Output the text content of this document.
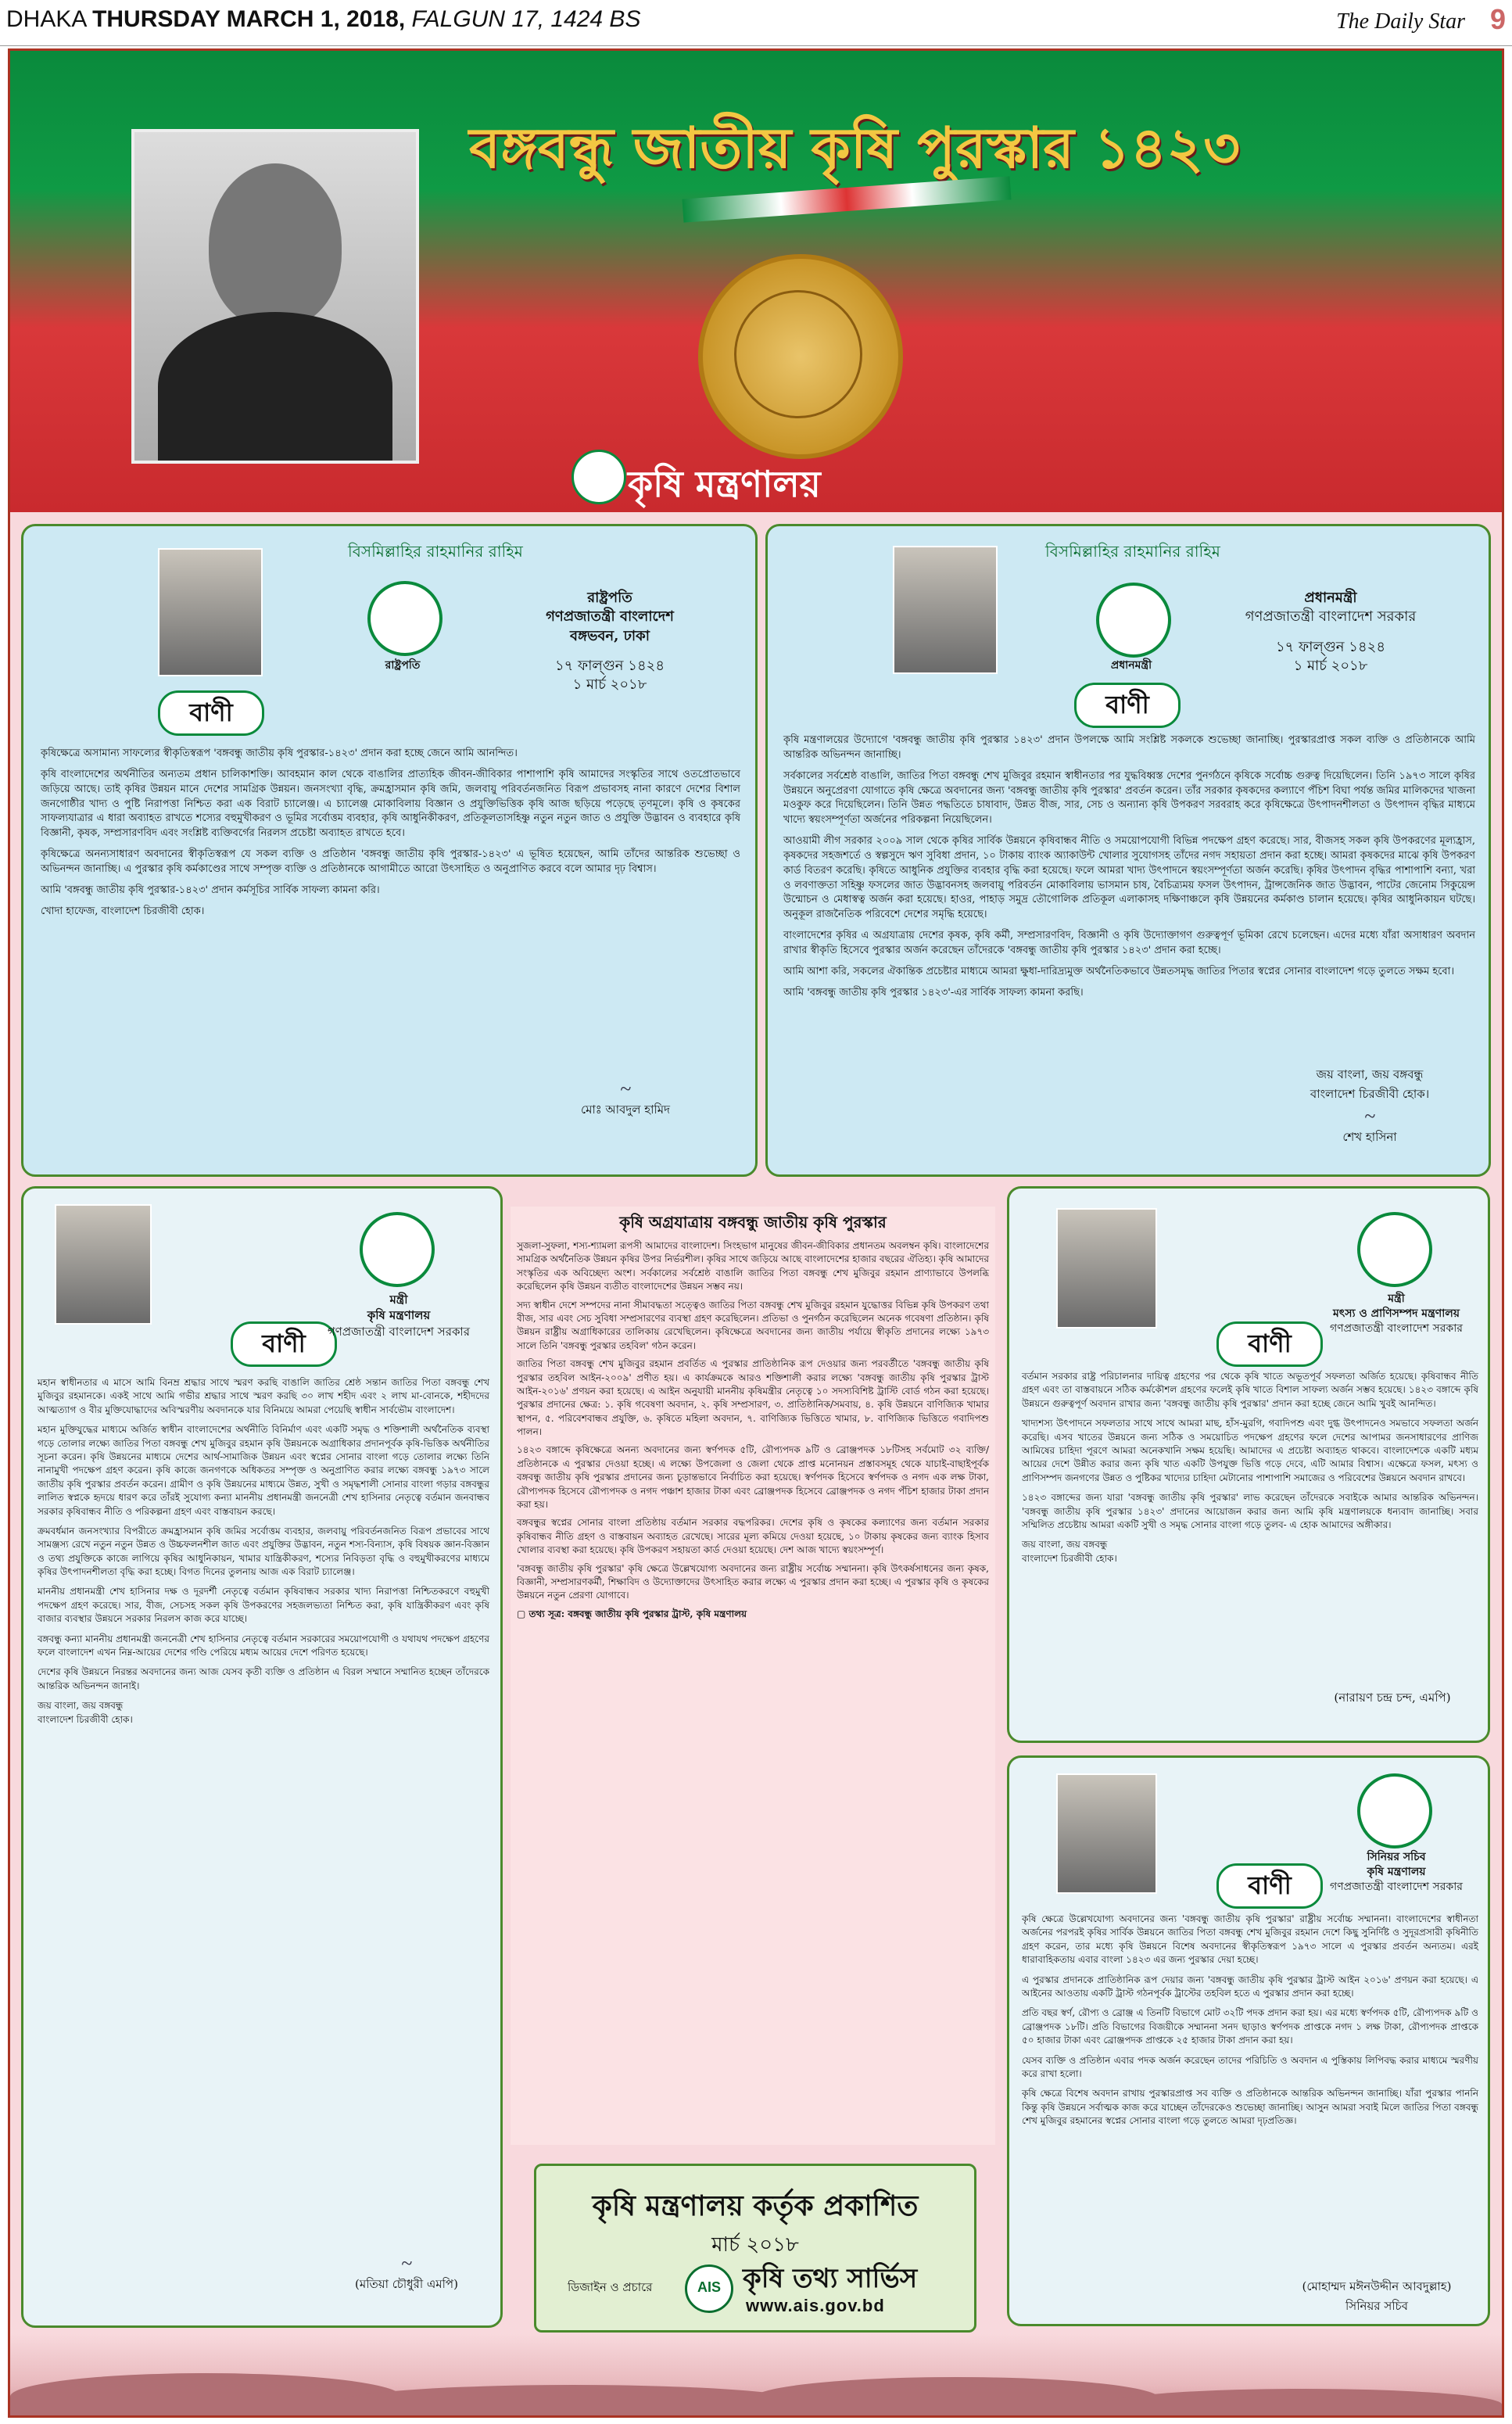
DHAKA THURSDAY MARCH 1, 2018, FALGUN 17, 1424 BS	The Daily Star 9
বঙ্গবন্ধু জাতীয় কৃষি পুরস্কার ১৪২৩
কৃষি মন্ত্রণালয়
বাণী
বিসমিল্লাহির রাহমানির রাহিম
রাষ্ট্রপতি
রাষ্ট্রপতি
গণপ্রজাতন্ত্রী বাংলাদেশ
বঙ্গভবন, ঢাকা
১৭ ফাল্গুন ১৪২৪
১ মার্চ ২০১৮

কৃষিক্ষেত্রে অসামান্য সাফল্যের স্বীকৃতিস্বরূপ 'বঙ্গবন্ধু জাতীয় কৃষি পুরস্কার-১৪২৩' প্রদান করা হচ্ছে জেনে আমি আনন্দিত।

কৃষি বাংলাদেশের অর্থনীতির অন্যতম প্রধান চালিকাশক্তি। আবহমান কাল থেকে বাঙালির প্রাত্যহিক জীবন-জীবিকার পাশাপাশি কৃষি আমাদের সংস্কৃতির সাথে ওতপ্রোতভাবে জড়িয়ে আছে। তাই কৃষির উন্নয়ন মানে দেশের সামগ্রিক উন্নয়ন। জনসংখ্যা বৃদ্ধি, ক্রমহ্রাসমান কৃষি জমি, জলবায়ু পরিবর্তনজনিত বিরূপ প্রভাবসহ নানা কারণে দেশের বিশাল জনগোষ্ঠীর খাদ্য ও পুষ্টি নিরাপত্তা নিশ্চিত করা এক বিরাট চ্যালেঞ্জ। এ চ্যালেঞ্জ মোকাবিলায় বিজ্ঞান ও প্রযুক্তিভিত্তিক কৃষি আজ ছড়িয়ে পড়েছে তৃণমূলে। কৃষি ও কৃষকের সাফল্যযাত্রার এ ধারা অব্যাহত রাখতে শস্যের বহুমুখীকরণ ও ভূমির সর্বোত্তম ব্যবহার, কৃষি আধুনিকীকরণ, প্রতিকূলতাসহিষ্ণু নতুন নতুন জাত ও প্রযুক্তি উদ্ভাবন ও ব্যবহারে কৃষি বিজ্ঞানী, কৃষক, সম্প্রসারণবিদ এবং সংশ্লিষ্ট ব্যক্তিবর্গের নিরলস প্রচেষ্টা অব্যাহত রাখতে হবে।

কৃষিক্ষেত্রে অনন্যসাধারণ অবদানের স্বীকৃতিস্বরূপ যে সকল ব্যক্তি ও প্রতিষ্ঠান 'বঙ্গবন্ধু জাতীয় কৃষি পুরস্কার-১৪২৩' এ ভূষিত হয়েছেন, আমি তাঁদের আন্তরিক শুভেচ্ছা ও অভিনন্দন জানাচ্ছি। এ পুরস্কার কৃষি কর্মকাণ্ডের সাথে সম্পৃক্ত ব্যক্তি ও প্রতিষ্ঠানকে আগামীতে আরো উৎসাহিত ও অনুপ্রাণিত করবে বলে আমার দৃঢ় বিশ্বাস।

আমি 'বঙ্গবন্ধু জাতীয় কৃষি পুরস্কার-১৪২৩' প্রদান কর্মসূচির সার্বিক সাফল্য কামনা করি।

খোদা হাফেজ, বাংলাদেশ চিরজীবী হোক।

~
মোঃ আবদুল হামিদ
বাণী
বিসমিল্লাহির রাহমানির রাহিম
প্রধানমন্ত্রী
প্রধানমন্ত্রী
গণপ্রজাতন্ত্রী বাংলাদেশ সরকার
১৭ ফাল্গুন ১৪২৪
১ মার্চ ২০১৮

কৃষি মন্ত্রণালয়ের উদ্যোগে 'বঙ্গবন্ধু জাতীয় কৃষি পুরস্কার ১৪২৩' প্রদান উপলক্ষে আমি সংশ্লিষ্ট সকলকে শুভেচ্ছা জানাচ্ছি। পুরস্কারপ্রাপ্ত সকল ব্যক্তি ও প্রতিষ্ঠানকে আমি আন্তরিক অভিনন্দন জানাচ্ছি।

সর্বকালের সর্বশ্রেষ্ঠ বাঙালি, জাতির পিতা বঙ্গবন্ধু শেখ মুজিবুর রহমান স্বাধীনতার পর যুদ্ধবিধ্বস্ত দেশের পুনর্গঠনে কৃষিকে সর্বোচ্চ গুরুত্ব দিয়েছিলেন। তিনি ১৯৭৩ সালে কৃষির উন্নয়নে অনুপ্রেরণা যোগাতে কৃষি ক্ষেত্রে অবদানের জন্য 'বঙ্গবন্ধু জাতীয় কৃষি পুরস্কার' প্রবর্তন করেন। তাঁর সরকার কৃষকদের কল্যাণে পঁচিশ বিঘা পর্যন্ত জমির মালিকদের খাজনা মওকুফ করে দিয়েছিলেন। তিনি উন্নত পদ্ধতিতে চাষাবাদ, উন্নত বীজ, সার, সেচ ও অন্যান্য কৃষি উপকরণ সরবরাহ করে কৃষিক্ষেত্রে উৎপাদনশীলতা ও উৎপাদন বৃদ্ধির মাধ্যমে খাদ্যে স্বয়ংসম্পূর্ণতা অর্জনের পরিকল্পনা নিয়েছিলেন।

আওয়ামী লীগ সরকার ২০০৯ সাল থেকে কৃষির সার্বিক উন্নয়নে কৃষিবান্ধব নীতি ও সময়োপযোগী বিভিন্ন পদক্ষেপ গ্রহণ করেছে। সার, বীজসহ সকল কৃষি উপকরণের মূল্যহ্রাস, কৃষকদের সহজশর্তে ও স্বল্পসুদে ঋণ সুবিধা প্রদান, ১০ টাকায় ব্যাংক অ্যাকাউন্ট খোলার সুযোগসহ তাঁদের নগদ সহায়তা প্রদান করা হচ্ছে। আমরা কৃষকদের মাঝে কৃষি উপকরণ কার্ড বিতরণ করেছি। কৃষিতে আধুনিক প্রযুক্তির ব্যবহার বৃদ্ধি করা হয়েছে। ফলে আমরা খাদ্য উৎপাদনে স্বয়ংসম্পূর্ণতা অর্জন করেছি। কৃষির উৎপাদন বৃদ্ধির পাশাপাশি বন্যা, খরা ও লবণাক্ততা সহিষ্ণু ফসলের জাত উদ্ভাবনসহ জলবায়ু পরিবর্তন মোকাবিলায় ভাসমান চাষ, বৈচিত্র্যময় ফসল উৎপাদন, ট্রান্সজেনিক জাত উদ্ভাবন, পাটের জেনোম সিকুয়েন্স উন্মোচন ও মেধাস্বত্ব অর্জন করা হয়েছে। হাওর, পাহাড় সমুদ্র তৌগোলিক প্রতিকূল এলাকাসহ দক্ষিণাঞ্চলে কৃষি উন্নয়নের কর্মকাণ্ড চালান হয়েছে। কৃষির আধুনিকায়ন ঘটছে। অনুকূল রাজনৈতিক পরিবেশে দেশের সমৃদ্ধি হয়েছে।

বাংলাদেশের কৃষির এ অগ্রযাত্রায় দেশের কৃষক, কৃষি কর্মী, সম্প্রসারণবিদ, বিজ্ঞানী ও কৃষি উদ্যোক্তাগণ গুরুত্বপূর্ণ ভূমিকা রেখে চলেছেন। এদের মধ্যে যাঁরা অসাধারণ অবদান রাখার স্বীকৃতি হিসেবে পুরস্কার অর্জন করেছেন তাঁদেরকে 'বঙ্গবন্ধু জাতীয় কৃষি পুরস্কার ১৪২৩' প্রদান করা হচ্ছে।

আমি আশা করি, সকলের ঐকান্তিক প্রচেষ্টার মাধ্যমে আমরা ক্ষুধা-দারিদ্র্যমুক্ত অর্থনৈতিকভাবে উন্নতসমৃদ্ধ জাতির পিতার স্বপ্নের সোনার বাংলাদেশ গড়ে তুলতে সক্ষম হবো।

আমি 'বঙ্গবন্ধু জাতীয় কৃষি পুরস্কার ১৪২৩'-এর সার্বিক সাফল্য কামনা করছি।

জয় বাংলা, জয় বঙ্গবন্ধু
বাংলাদেশ চিরজীবী হোক।
~
শেখ হাসিনা
বাণী
মন্ত্রী
কৃষি মন্ত্রণালয়
গণপ্রজাতন্ত্রী বাংলাদেশ সরকার

মহান স্বাধীনতার এ মাসে আমি বিনম্র শ্রদ্ধার সাথে স্মরণ করছি বাঙালি জাতির শ্রেষ্ঠ সন্তান জাতির পিতা বঙ্গবন্ধু শেখ মুজিবুর রহমানকে। একই সাথে আমি গভীর শ্রদ্ধার সাথে স্মরণ করছি ৩০ লাখ শহীদ এবং ২ লাখ মা-বোনকে, শহীদদের আত্মত্যাগ ও বীর মুক্তিযোদ্ধাদের অবিস্মরণীয় অবদানকে যার বিনিময়ে আমরা পেয়েছি স্বাধীন সার্বভৌম বাংলাদেশ।

মহান মুক্তিযুদ্ধের মাধ্যমে অর্জিত স্বাধীন বাংলাদেশের অর্থনীতি বিনির্মাণ এবং একটি সমৃদ্ধ ও শক্তিশালী অর্থনৈতিক ব্যবস্থা গড়ে তোলার লক্ষ্যে জাতির পিতা বঙ্গবন্ধু শেখ মুজিবুর রহমান কৃষি উন্নয়নকে অগ্রাধিকার প্রদানপূর্বক কৃষি-ভিত্তিক অর্থনীতির সূচনা করেন। কৃষি উন্নয়নের মাধ্যমে দেশের আর্থ-সামাজিক উন্নয়ন এবং স্বপ্নের সোনার বাংলা গড়ে তোলার লক্ষ্যে তিনি নানামুখী পদক্ষেপ গ্রহণ করেন। কৃষি কাজে জনগণকে অধিকতর সম্পৃক্ত ও অনুপ্রাণিত করার লক্ষ্যে বঙ্গবন্ধু ১৯৭৩ সালে জাতীয় কৃষি পুরস্কার প্রবর্তন করেন। গ্রামীণ ও কৃষি উন্নয়নের মাধ্যমে উন্নত, সুখী ও সমৃদ্ধশালী সোনার বাংলা গড়ার বঙ্গবন্ধুর লালিত স্বপ্নকে হৃদয়ে ধারণ করে তাঁরই সুযোগ্য কন্যা মাননীয় প্রধানমন্ত্রী জননেত্রী শেখ হাসিনার নেতৃত্বে বর্তমান জনবান্ধব সরকার কৃষিবান্ধব নীতি ও পরিকল্পনা গ্রহণ এবং বাস্তবায়ন করছে।

ক্রমবর্ধমান জনসংখ্যার বিপরীতে ক্রমহ্রাসমান কৃষি জমির সর্বোত্তম ব্যবহার, জলবায়ু পরিবর্তনজনিত বিরূপ প্রভাবের সাথে সামঞ্জস্য রেখে নতুন নতুন উন্নত ও উচ্চফলনশীল জাত এবং প্রযুক্তির উদ্ভাবন, নতুন শস্য-বিন্যাস, কৃষি বিষয়ক জ্ঞান-বিজ্ঞান ও তথ্য প্রযুক্তিকে কাজে লাগিয়ে কৃষির আধুনিকায়ন, খামার যান্ত্রিকীকরণ, শস্যের নিবিড়তা বৃদ্ধি ও বহুমুখীকরণের মাধ্যমে কৃষির উৎপাদনশীলতা বৃদ্ধি করা হচ্ছে। বিগত দিনের তুলনায় আজ এক বিরাট চ্যালেঞ্জ।

মাননীয় প্রধানমন্ত্রী শেখ হাসিনার দক্ষ ও দূরদর্শী নেতৃত্বে বর্তমান কৃষিবান্ধব সরকার খাদ্য নিরাপত্তা নিশ্চিতকরণে বহুমুখী পদক্ষেপ গ্রহণ করেছে। সার, বীজ, সেচসহ সকল কৃষি উপকরণের সহজলভ্যতা নিশ্চিত করা, কৃষি যান্ত্রিকীকরণ এবং কৃষি বাজার ব্যবস্থার উন্নয়নে সরকার নিরলস কাজ করে যাচ্ছে।

বঙ্গবন্ধু কন্যা মাননীয় প্রধানমন্ত্রী জননেত্রী শেখ হাসিনার নেতৃত্বে বর্তমান সরকারের সময়োপযোগী ও যথাযথ পদক্ষেপ গ্রহণের ফলে বাংলাদেশ এখন নিম্ন-আয়ের দেশের গণ্ডি পেরিয়ে মধ্যম আয়ের দেশে পরিণত হয়েছে।

দেশের কৃষি উন্নয়নে নিরন্তর অবদানের জন্য আজ যেসব কৃতী ব্যক্তি ও প্রতিষ্ঠান এ বিরল সম্মানে সম্মানিত হচ্ছেন তাঁদেরকে আন্তরিক অভিনন্দন জানাই।

জয় বাংলা, জয় বঙ্গবন্ধু

বাংলাদেশ চিরজীবী হোক।

~
(মতিয়া চৌধুরী এমপি)
কৃষি অগ্রযাত্রায় বঙ্গবন্ধু জাতীয় কৃষি পুরস্কার

সুজলা-সুফলা, শস্য-শ্যামলা রূপসী আমাদের বাংলাদেশ। সিংহভাগ মানুষের জীবন-জীবিকার প্রধানতম অবলম্বন কৃষি। বাংলাদেশের সামগ্রিক অর্থনৈতিক উন্নয়ন কৃষির উপর নির্ভরশীল। কৃষির সাথে জড়িয়ে আছে বাংলাদেশের হাজার বছরের ঐতিহ্য। কৃষি আমাদের সংস্কৃতির এক অবিচ্ছেদ্য অংশ। সর্বকালের সর্বশ্রেষ্ঠ বাঙালি জাতির পিতা বঙ্গবন্ধু শেখ মুজিবুর রহমান প্রাণ্যাভাবে উপলব্ধি করেছিলেন কৃষি উন্নয়ন ব্যতীত বাংলাদেশের উন্নয়ন সম্ভব নয়।

সদ্য স্বাধীন দেশে সম্পদের নানা সীমাবদ্ধতা সত্ত্বেও জাতির পিতা বঙ্গবন্ধু শেখ মুজিবুর রহমান যুদ্ধোত্তর বিভিন্ন কৃষি উপকরণ তথা বীজ, সার এবং সেচ সুবিধা সম্প্রসারণের ব্যবস্থা গ্রহণ করেছিলেন। প্রতিভা ও পুনর্গঠন করেছিলেন অনেক গবেষণা প্রতিষ্ঠান। কৃষি উন্নয়ন রাষ্ট্রীয় অগ্রাধিকারের তালিকায় রেখেছিলেন। কৃষিক্ষেত্রে অবদানের জন্য জাতীয় পর্যায়ে স্বীকৃতি প্রদানের লক্ষ্যে ১৯৭৩ সালে তিনি 'বঙ্গবন্ধু পুরস্কার তহবিল' গঠন করেন।

জাতির পিতা বঙ্গবন্ধু শেখ মুজিবুর রহমান প্রবর্তিত এ পুরস্কার প্রাতিষ্ঠানিক রূপ দেওয়ার জন্য পরবর্তীতে 'বঙ্গবন্ধু জাতীয় কৃষি পুরস্কার তহবিল আইন-২০০৯' প্রণীত হয়। এ কার্যক্রমকে আরও শক্তিশালী করার লক্ষ্যে 'বঙ্গবন্ধু জাতীয় কৃষি পুরস্কার ট্রাস্ট আইন-২০১৬' প্রণয়ন করা হয়েছে। এ আইন অনুযায়ী মাননীয় কৃষিমন্ত্রীর নেতৃত্বে ১০ সদস্যবিশিষ্ট ট্রাস্টি বোর্ড গঠন করা হয়েছে। পুরস্কার প্রদানের ক্ষেত্র: ১. কৃষি গবেষণা অবদান, ২. কৃষি সম্প্রসারণ, ৩. প্রাতিষ্ঠানিক/সমবায়, ৪. কৃষি উন্নয়নে বাণিজ্যিক খামার স্থাপন, ৫. পরিবেশবান্ধব প্রযুক্তি, ৬. কৃষিতে মহিলা অবদান, ৭. বাণিজ্যিক ভিত্তিতে খামার, ৮. বাণিজ্যিক ভিত্তিতে গবাদিপশু পালন।

১৪২৩ বঙ্গাব্দে কৃষিক্ষেত্রে অনন্য অবদানের জন্য স্বর্ণপদক ৫টি, রৌপ্যপদক ৯টি ও ব্রোঞ্জপদক ১৮টিসহ সর্বমোট ৩২ ব্যক্তি/প্রতিষ্ঠানকে এ পুরস্কার দেওয়া হচ্ছে। এ লক্ষ্যে উপজেলা ও জেলা থেকে প্রাপ্ত মনোনয়ন প্রস্তাবসমূহ থেকে যাচাই-বাছাইপূর্বক বঙ্গবন্ধু জাতীয় কৃষি পুরস্কার প্রদানের জন্য চূড়ান্তভাবে নির্বাচিত করা হয়েছে। স্বর্ণপদক হিসেবে স্বর্ণপদক ও নগদ এক লক্ষ টাকা, রৌপ্যপদক হিসেবে রৌপ্যপদক ও নগদ পঞ্চাশ হাজার টাকা এবং ব্রোঞ্জপদক হিসেবে ব্রোঞ্জপদক ও নগদ পঁচিশ হাজার টাকা প্রদান করা হয়।

বঙ্গবন্ধুর স্বপ্নের সোনার বাংলা প্রতিষ্ঠায় বর্তমান সরকার বদ্ধপরিকর। দেশের কৃষি ও কৃষকের কল্যাণের জন্য বর্তমান সরকার কৃষিবান্ধব নীতি গ্রহণ ও বাস্তবায়ন অব্যাহত রেখেছে। সারের মূল্য কমিয়ে দেওয়া হয়েছে, ১০ টাকায় কৃষকের জন্য ব্যাংক হিসাব খোলার ব্যবস্থা করা হয়েছে। কৃষি উপকরণ সহায়তা কার্ড দেওয়া হয়েছে। দেশ আজ খাদ্যে স্বয়ংসম্পূর্ণ।

'বঙ্গবন্ধু জাতীয় কৃষি পুরস্কার' কৃষি ক্ষেত্রে উল্লেখযোগ্য অবদানের জন্য রাষ্ট্রীয় সর্বোচ্চ সম্মাননা। কৃষি উৎকর্ষসাধনের জন্য কৃষক, বিজ্ঞানী, সম্প্রসারণকর্মী, শিক্ষাবিদ ও উদ্যোক্তাদের উৎসাহিত করার লক্ষ্যে এ পুরস্কার প্রদান করা হচ্ছে। এ পুরস্কার কৃষি ও কৃষকের উন্নয়নে নতুন প্রেরণা যোগাবে।

▢ তথ্য সূত্র: বঙ্গবন্ধু জাতীয় কৃষি পুরস্কার ট্রাস্ট, কৃষি মন্ত্রণালয়

কৃষি মন্ত্রণালয় কর্তৃক প্রকাশিত
মার্চ ২০১৮
ডিজাইন ও প্রচারে	AIS কৃষি তথ্য সার্ভিস
www.ais.gov.bd
বাণী
মন্ত্রী
মৎস্য ও প্রাণিসম্পদ মন্ত্রণালয়
গণপ্রজাতন্ত্রী বাংলাদেশ সরকার

বর্তমান সরকার রাষ্ট্র পরিচালনার দায়িত্ব গ্রহণের পর থেকে কৃষি খাতে অভূতপূর্ব সফলতা অর্জিত হয়েছে। কৃষিবান্ধব নীতি গ্রহণ এবং তা বাস্তবায়নে সঠিক কর্মকৌশল গ্রহণের ফলেই কৃষি খাতে বিশাল সাফল্য অর্জন সম্ভব হয়েছে। ১৪২৩ বঙ্গাব্দে কৃষি উন্নয়নে গুরুত্বপূর্ণ অবদান রাখার জন্য 'বঙ্গবন্ধু জাতীয় কৃষি পুরস্কার' প্রদান করা হচ্ছে জেনে আমি খুবই আনন্দিত।

খাদ্যশস্য উৎপাদনে সফলতার সাথে সাথে আমরা মাছ, হাঁস-মুরগি, গবাদিপশু এবং দুগ্ধ উৎপাদনেও সমভাবে সফলতা অর্জন করেছি। এসব খাতের উন্নয়নে জন্য সঠিক ও সময়োচিত পদক্ষেপ গ্রহণের ফলে দেশের আপামর জনসাধারণের প্রাণিজ আমিষের চাহিদা পূরণে আমরা অনেকখানি সক্ষম হয়েছি। আমাদের এ প্রচেষ্টা অব্যাহত থাকবে। বাংলাদেশকে একটি মধ্যম আয়ের দেশে উন্নীত করার জন্য কৃষি খাত একটি উপযুক্ত ভিত্তি গড়ে দেবে, এটি আমার বিশ্বাস। এক্ষেত্রে ফসল, মৎস্য ও প্রাণিসম্পদ জনগণের উন্নত ও পুষ্টিকর খাদ্যের চাহিদা মেটানোর পাশাপাশি সমাজের ও পরিবেশের উন্নয়নে অবদান রাখবে।

১৪২৩ বঙ্গাব্দের জন্য যারা 'বঙ্গবন্ধু জাতীয় কৃষি পুরস্কার' লাভ করেছেন তাঁদেরকে সবাইকে আমার আন্তরিক অভিনন্দন। 'বঙ্গবন্ধু জাতীয় কৃষি পুরস্কার ১৪২৩' প্রদানের আয়োজন করার জন্য আমি কৃষি মন্ত্রণালয়কে ধন্যবাদ জানাচ্ছি। সবার সম্মিলিত প্রচেষ্টায় আমরা একটি সুখী ও সমৃদ্ধ সোনার বাংলা গড়ে তুলব- এ হোক আমাদের অঙ্গীকার।

জয় বাংলা, জয় বঙ্গবন্ধু

বাংলাদেশ চিরজীবী হোক।

(নারায়ণ চন্দ্র চন্দ, এমপি)
বাণী
সিনিয়র সচিব
কৃষি মন্ত্রণালয়
গণপ্রজাতন্ত্রী বাংলাদেশ সরকার

কৃষি ক্ষেত্রে উল্লেখযোগ্য অবদানের জন্য 'বঙ্গবন্ধু জাতীয় কৃষি পুরস্কার' রাষ্ট্রীয় সর্বোচ্চ সম্মাননা। বাংলাদেশের স্বাধীনতা অর্জনের পরপরই কৃষির সার্বিক উন্নয়নে জাতির পিতা বঙ্গবন্ধু শেখ মুজিবুর রহমান দেশে কিছু সুনির্দিষ্ট ও সুদূরপ্রসারী কৃষিনীতি গ্রহণ করেন, তার মধ্যে কৃষি উন্নয়নে বিশেষ অবদানের স্বীকৃতিস্বরূপ ১৯৭৩ সালে এ পুরস্কার প্রবর্তন অন্যতম। এরই ধারাবাহিকতায় এবার বাংলা ১৪২৩ এর জন্য পুরস্কার দেয়া হচ্ছে।

এ পুরস্কার প্রদানকে প্রাতিষ্ঠানিক রূপ দেয়ার জন্য 'বঙ্গবন্ধু জাতীয় কৃষি পুরস্কার ট্রাস্ট আইন ২০১৬' প্রণয়ন করা হয়েছে। এ আইনের আওতায় একটি ট্রাস্ট গঠনপূর্বক ট্রাস্টের তহবিল হতে এ পুরস্কার প্রদান করা হচ্ছে।

প্রতি বছর স্বর্ণ, রৌপ্য ও ব্রোঞ্জ এ তিনটি বিভাগে মোট ৩২টি পদক প্রদান করা হয়। এর মধ্যে স্বর্ণপদক ৫টি, রৌপ্যপদক ৯টি ও ব্রোঞ্জপদক ১৮টি। প্রতি বিভাগের বিজয়ীকে সম্মাননা সনদ ছাড়াও স্বর্ণপদক প্রাপ্তকে নগদ ১ লক্ষ টাকা, রৌপ্যপদক প্রাপ্তকে ৫০ হাজার টাকা এবং ব্রোঞ্জপদক প্রাপ্তকে ২৫ হাজার টাকা প্রদান করা হয়।

যেসব ব্যক্তি ও প্রতিষ্ঠান এবার পদক অর্জন করেছেন তাদের পরিচিতি ও অবদান এ পুস্তিকায় লিপিবদ্ধ করার মাধ্যমে স্মরণীয় করে রাখা হলো।

কৃষি ক্ষেত্রে বিশেষ অবদান রাখায় পুরস্কারপ্রাপ্ত সব ব্যক্তি ও প্রতিষ্ঠানকে আন্তরিক অভিনন্দন জানাচ্ছি। যাঁরা পুরস্কার পাননি কিন্তু কৃষি উন্নয়নে সর্বাত্মক কাজ করে যাচ্ছেন তাঁদেরকেও শুভেচ্ছা জানাচ্ছি। আসুন আমরা সবাই মিলে জাতির পিতা বঙ্গবন্ধু শেখ মুজিবুর রহমানের স্বপ্নের সোনার বাংলা গড়ে তুলতে আমরা দৃঢ়প্রতিজ্ঞ।

(মোহাম্মদ মঈনউদ্দীন আবদুল্লাহ)
সিনিয়র সচিব
